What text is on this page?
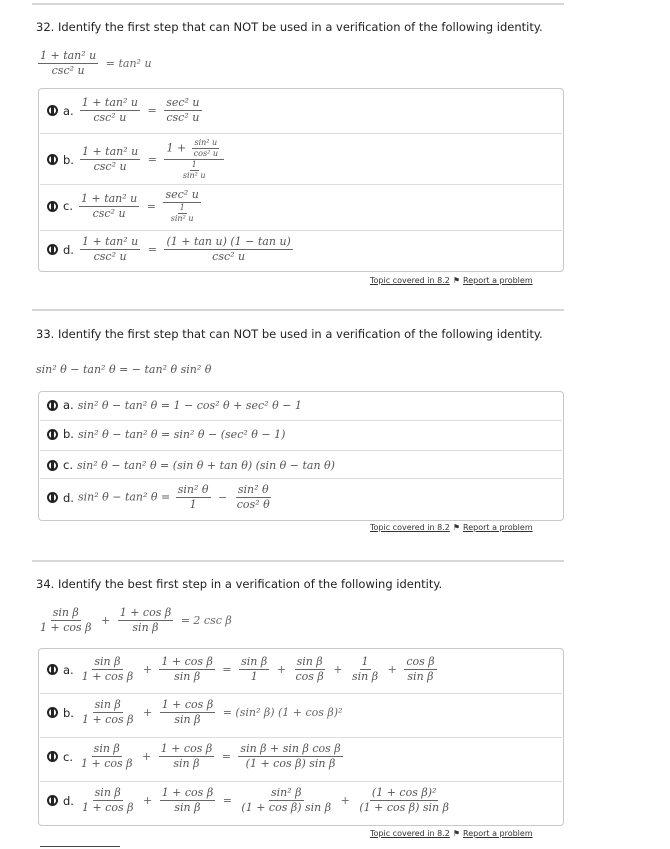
32. Identify the first step that can NOT be used in a verification of the following identity.
$\frac{\text{1 + tan² u}}{\text{csc² u}} = \tan^2$ u
a. $\frac{\text{1 + tan² u}}{\text{csc² u}} = \frac{\text{sec² u}}{\text{csc² u}}$
b. $\frac{\text{1 + tan² u}}{\text{csc² u}} = \frac{1 + \frac{\text{sin² u}}{\text{cos² u}}}{\frac{1}{\text{sin² u}}}$
c. $\frac{\text{1 + tan² u}}{\text{csc² u}} = \frac{\text{sec² u}}{\frac{1}{\text{sin² u}}}$
d. $\frac{\text{1 + tan² u}}{\text{csc² u}} = \frac{\text{(1 + tan u) (1 − tan u)}}{\text{csc² u}}$
Topic covered in 8.2 ⚑ Report a problem
33. Identify the first step that can NOT be used in a verification of the following identity.
sin² θ − tan² θ = − tan² θ sin² θ
a. sin² θ − tan² θ = 1 − cos² θ + sec² θ − 1
b. sin² θ − tan² θ = sin² θ − (sec² θ − 1)
c. sin² θ − tan² θ = (sin θ + tan θ) (sin θ − tan θ)
d. sin² θ − tan² $\theta = \frac{\text{sin² θ}}{1} - \frac{\text{sin² θ}}{\text{cos² θ}}$
Topic covered in 8.2 ⚑ Report a problem
34. Identify the best first step in a verification of the following identity.
$\frac{\text{sin β}}{\text{1 + cos β}} + \frac{\text{1 + cos β}}{\text{sin β}} = 2$ csc β
a. $\frac{\text{sin β}}{\text{1 + cos β}} + \frac{\text{1 + cos β}}{\text{sin β}} = \frac{\text{sin β}}{1} + \frac{\text{sin β}}{\text{cos β}} + \frac{1}{\text{sin β}} + \frac{\text{cos β}}{\text{sin β}}$
b. $\frac{\text{sin β}}{\text{1 + cos β}} + \frac{\text{1 + cos β}}{\text{sin β}} = (\sin^2$ β) (1 + cos β)²
c. $\frac{\text{sin β}}{\text{1 + cos β}} + \frac{\text{1 + cos β}}{\text{sin β}} = \frac{\text{sin β + sin β cos β}}{\text{(1 + cos β) sin β}}$
d. $\frac{\text{sin β}}{\text{1 + cos β}} + \frac{\text{1 + cos β}}{\text{sin β}} = \frac{\text{sin² β}}{\text{(1 + cos β) sin β}} + \frac{\text{(1 + cos β)²}}{\text{(1 + cos β) sin β}}$
Topic covered in 8.2 ⚑ Report a problem
